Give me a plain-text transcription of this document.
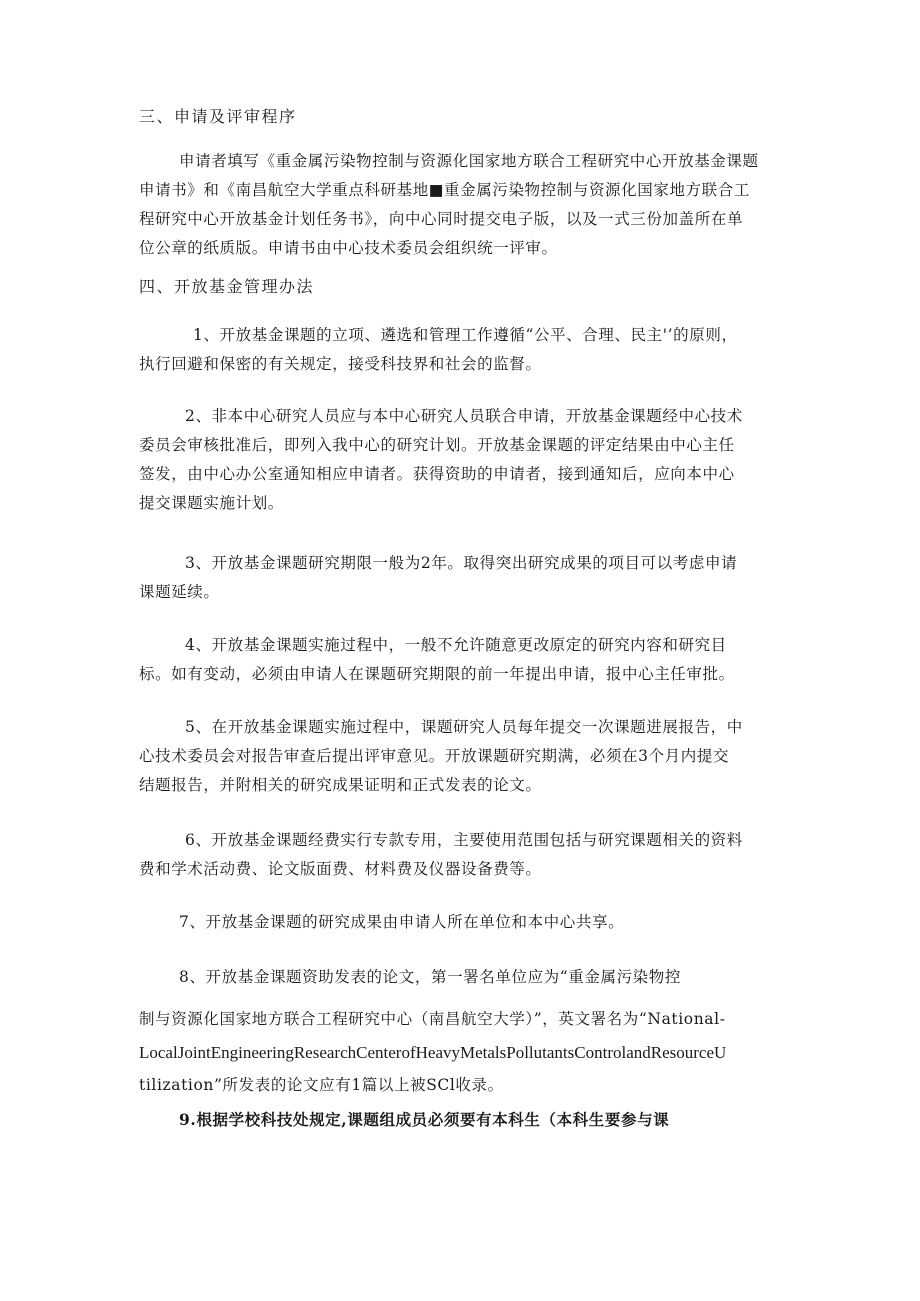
三、申请及评审程序

申请者填写《重金属污染物控制与资源化国家地方联合工程研究中心开放基金课题
申请书》和《南昌航空大学重点科研基地■重金属污染物控制与资源化国家地方联合工
程研究中心开放基金计划任务书》，向中心同时提交电子版，以及一式三份加盖所在单
位公章的纸质版。申请书由中心技术委员会组织统一评审。

四、开放基金管理办法

1、开放基金课题的立项、遴选和管理工作遵循“公平、合理、民主'’的原则，
执行回避和保密的有关规定，接受科技界和社会的监督。

2、非本中心研究人员应与本中心研究人员联合申请，开放基金课题经中心技术
委员会审核批准后，即列入我中心的研究计划。开放基金课题的评定结果由中心主任
签发，由中心办公室通知相应申请者。获得资助的申请者，接到通知后，应向本中心
提交课题实施计划。

3、开放基金课题研究期限一般为2年。取得突出研究成果的项目可以考虑申请
课题延续。

4、开放基金课题实施过程中，一般不允许随意更改原定的研究内容和研究目
标。如有变动，必须由申请人在课题研究期限的前一年提出申请，报中心主任审批。

5、在开放基金课题实施过程中，课题研究人员每年提交一次课题进展报告，中
心技术委员会对报告审查后提出评审意见。开放课题研究期满，必须在3个月内提交
结题报告，并附相关的研究成果证明和正式发表的论文。

6、开放基金课题经费实行专款专用，主要使用范围包括与研究课题相关的资料
费和学术活动费、论文版面费、材料费及仪器设备费等。

7、开放基金课题的研究成果由申请人所在单位和本中心共享。

8、开放基金课题资助发表的论文，第一署名单位应为“重金属污染物控
制与资源化国家地方联合工程研究中心（南昌航空大学）”，英文署名为“National-
LocalJointEngineeringResearchCenterofHeavyMetalsPollutantsControlandResourceU
tilization”所发表的论文应有1篇以上被SCl收录。

9.根据学校科技处规定,课题组成员必须要有本科生（本科生要参与课
